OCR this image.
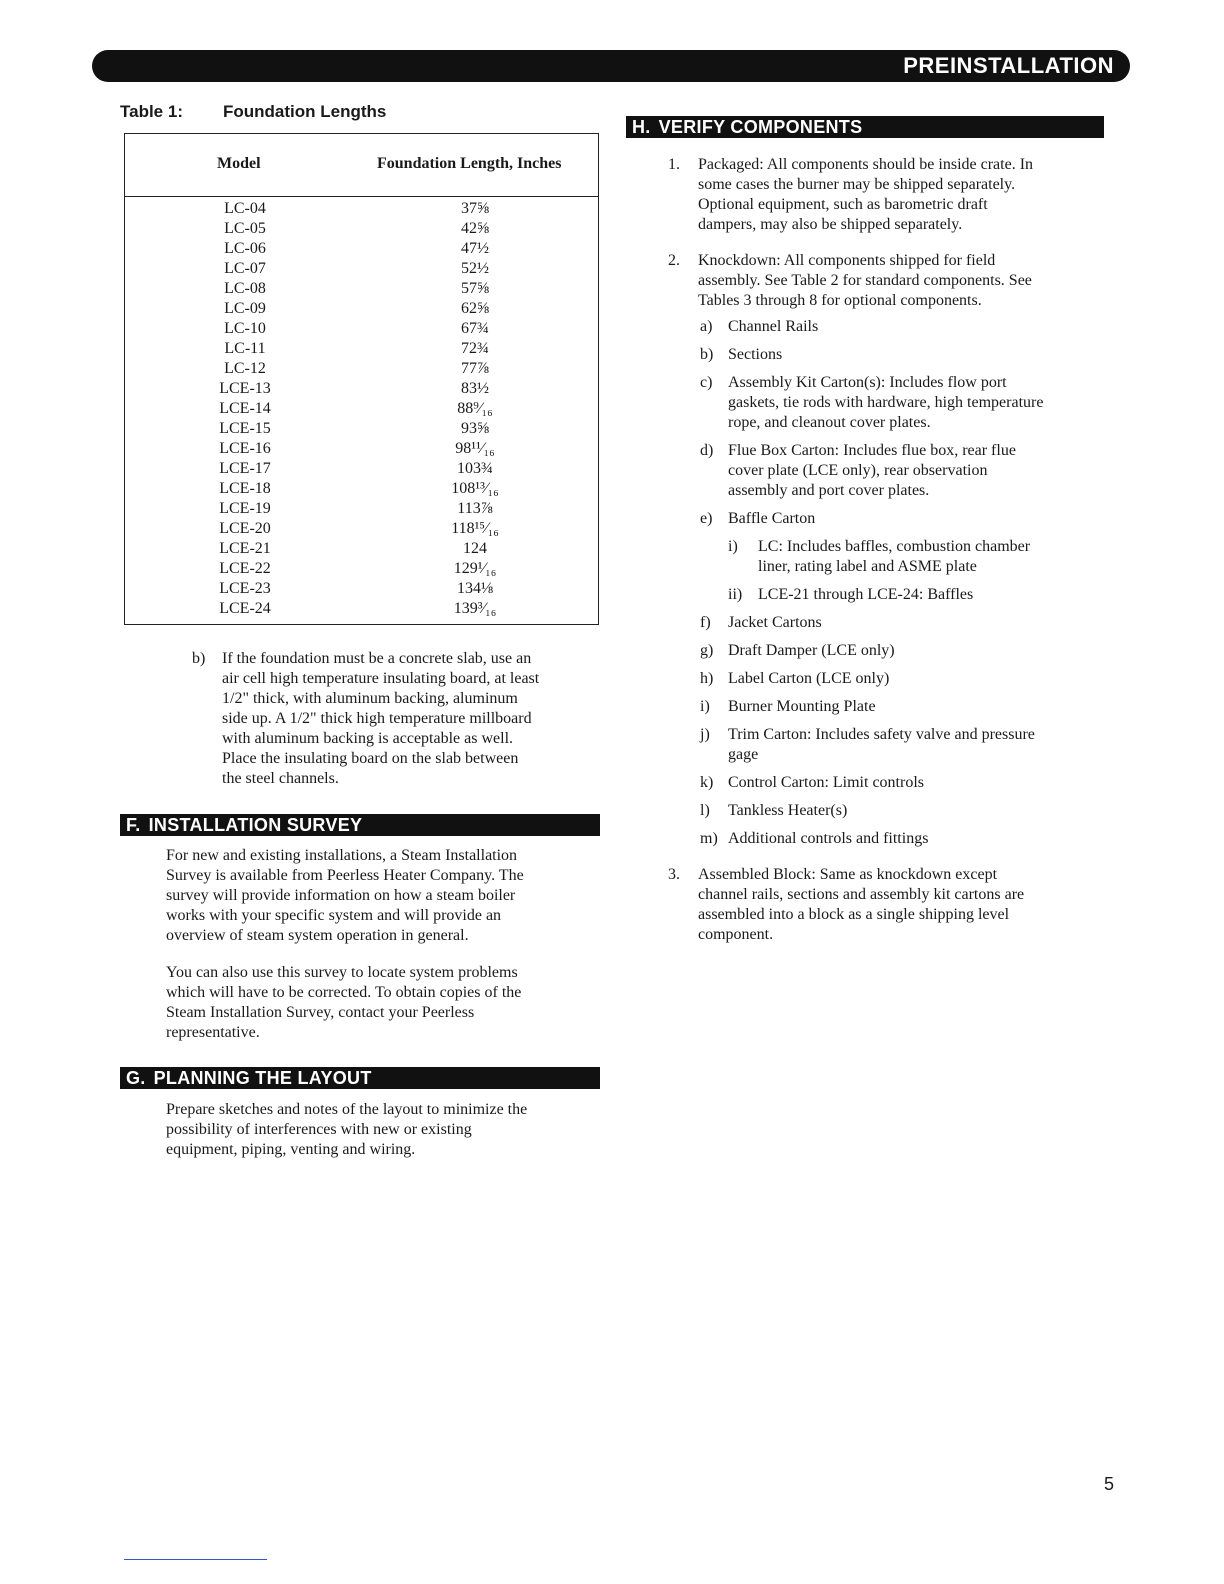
PREINSTALLATION
Table 1: Foundation Lengths
Model	Foundation Length, Inches
LC-04	37⅝
LC-05	42⅝
LC-06	47½
LC-07	52½
LC-08	57⅝
LC-09	62⅝
LC-10	67¾
LC-11	72¾
LC-12	77⅞
LCE-13	83½
LCE-14	88⁹⁄₁₆
LCE-15	93⅝
LCE-16	98¹¹⁄₁₆
LCE-17	103¾
LCE-18	108¹³⁄₁₆
LCE-19	113⅞
LCE-20	118¹⁵⁄₁₆
LCE-21	124
LCE-22	129¹⁄₁₆
LCE-23	134⅛
LCE-24	139³⁄₁₆
b) If the foundation must be a concrete slab, use an
air cell high temperature insulating board, at least
1/2" thick, with aluminum backing, aluminum
side up. A 1/2" thick high temperature millboard
with aluminum backing is acceptable as well.
Place the insulating board on the slab between
the steel channels.
F. INSTALLATION SURVEY
For new and existing installations, a Steam Installation
Survey is available from Peerless Heater Company. The
survey will provide information on how a steam boiler
works with your specific system and will provide an
overview of steam system operation in general.
You can also use this survey to locate system problems
which will have to be corrected. To obtain copies of the
Steam Installation Survey, contact your Peerless
representative.
G. PLANNING THE LAYOUT
Prepare sketches and notes of the layout to minimize the
possibility of interferences with new or existing
equipment, piping, venting and wiring.
H. VERIFY COMPONENTS
1. Packaged: All components should be inside crate. In
some cases the burner may be shipped separately.
Optional equipment, such as barometric draft
dampers, may also be shipped separately.
2. Knockdown: All components shipped for field
assembly. See Table 2 for standard components. See
Tables 3 through 8 for optional components.
a) Channel Rails
b) Sections
c) Assembly Kit Carton(s): Includes flow port
gaskets, tie rods with hardware, high temperature
rope, and cleanout cover plates.
d) Flue Box Carton: Includes flue box, rear flue
cover plate (LCE only), rear observation
assembly and port cover plates.
e) Baffle Carton
i) LC: Includes baffles, combustion chamber
liner, rating label and ASME plate
ii) LCE-21 through LCE-24: Baffles
f) Jacket Cartons
g) Draft Damper (LCE only)
h) Label Carton (LCE only)
i) Burner Mounting Plate
j) Trim Carton: Includes safety valve and pressure
gage
k) Control Carton: Limit controls
l) Tankless Heater(s)
m) Additional controls and fittings
3. Assembled Block: Same as knockdown except
channel rails, sections and assembly kit cartons are
assembled into a block as a single shipping level
component.
5
